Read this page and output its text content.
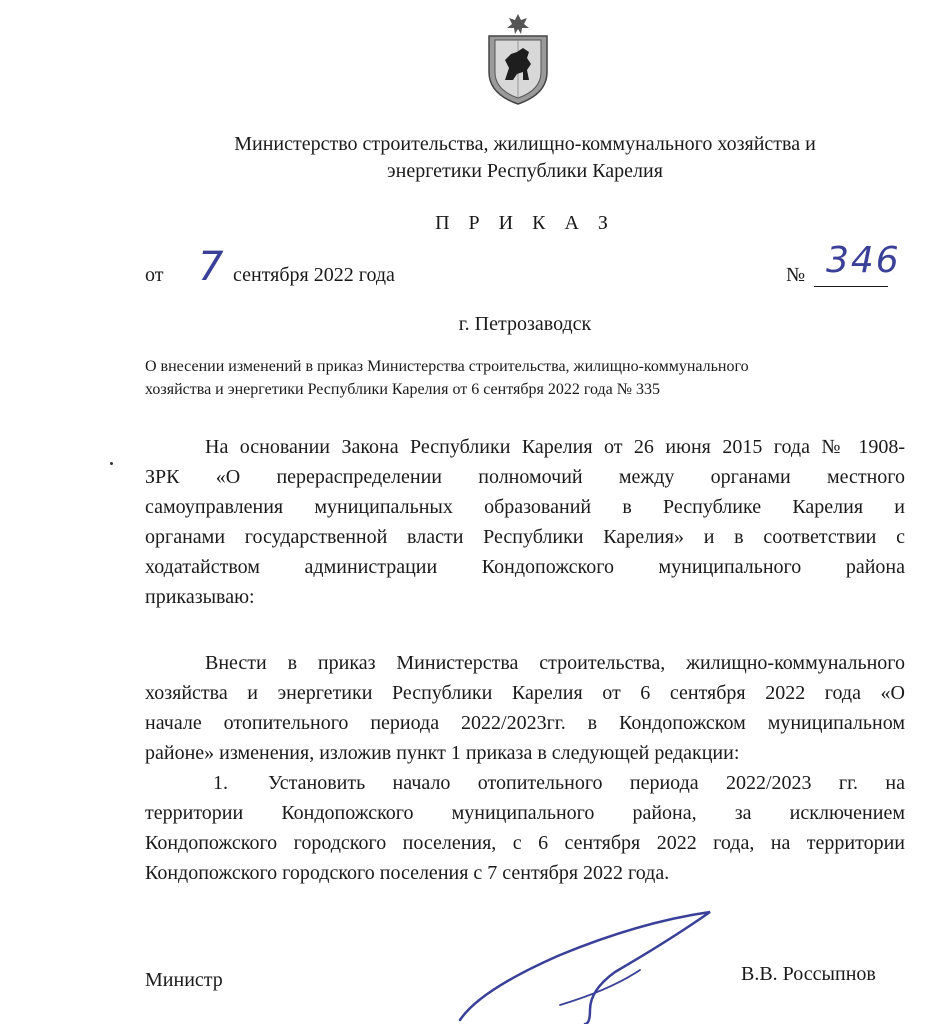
Министерство строительства, жилищно-коммунального хозяйства и
энергетики Республики Карелия
П Р И К А З
от 7 сентября 2022 года	№ 346
г. Петрозаводск
О внесении изменений в приказ Министерства строительства, жилищно-коммунального
хозяйства и энергетики Республики Карелия от 6 сентября 2022 года № 335
На основании Закона Республики Карелия от 26 июня 2015 года № 1908-
ЗРК «О перераспределении полномочий между органами местного
самоуправления муниципальных образований в Республике Карелия и
органами государственной власти Республики Карелия» и в соответствии с
ходатайством администрации Кондопожского муниципального района
приказываю:
Внести в приказ Министерства строительства, жилищно-коммунального
хозяйства и энергетики Республики Карелия от 6 сентября 2022 года «О
начале отопительного периода 2022/2023гг. в Кондопожском муниципальном
районе» изменения, изложив пункт 1 приказа в следующей редакции:
1. Установить начало отопительного периода 2022/2023 гг. на
территории Кондопожского муниципального района, за исключением
Кондопожского городского поселения, с 6 сентября 2022 года, на территории
Кондопожского городского поселения с 7 сентября 2022 года.
Министр	В.В. Россыпнов
